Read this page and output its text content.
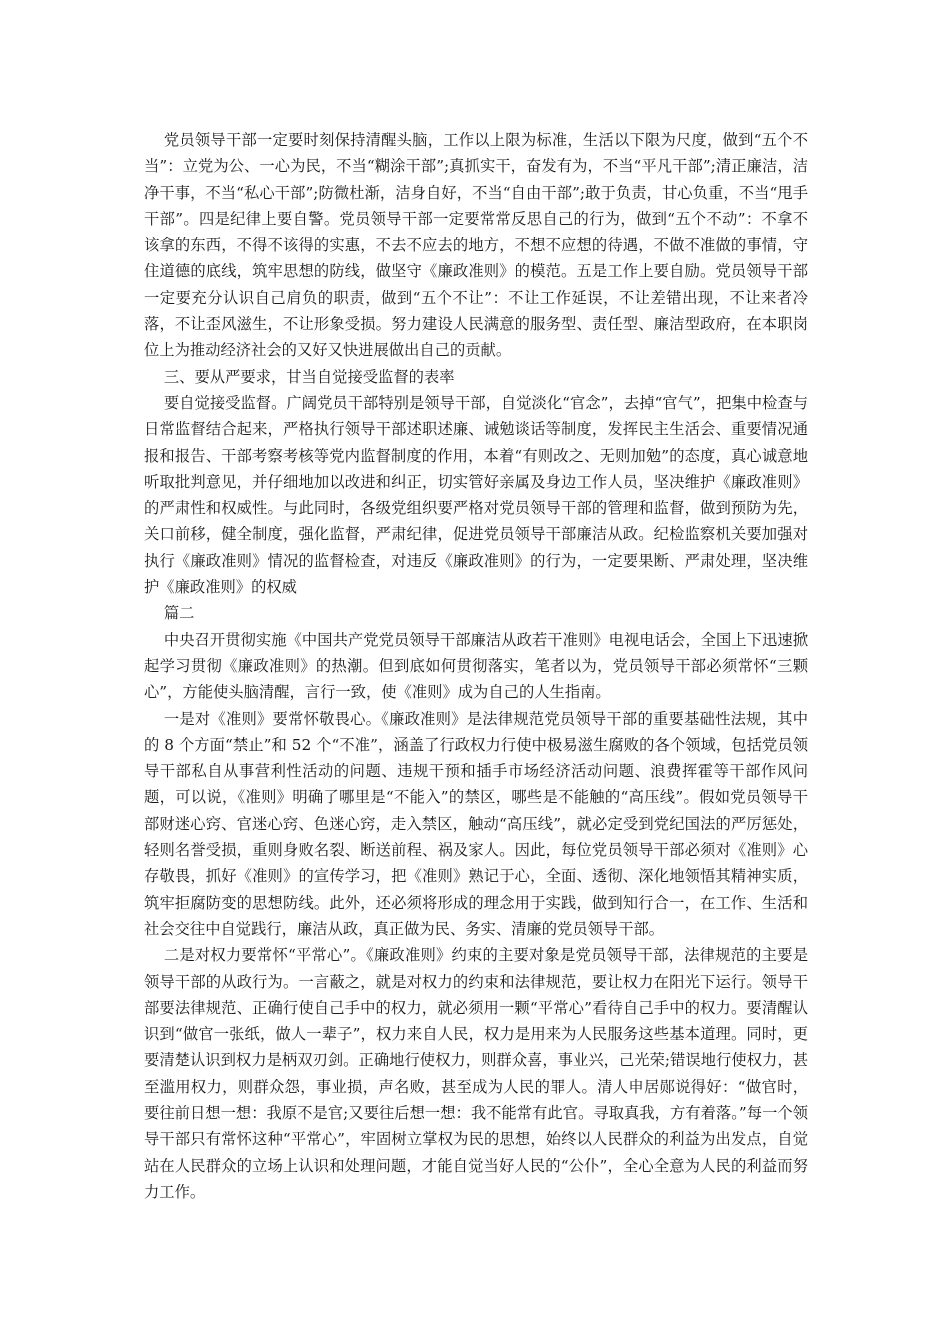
党员领导干部一定要时刻保持清醒头脑，工作以上限为标准，生活以下限为尺度，做到“五个不当”：立党为公、一心为民，不当“糊涂干部”;真抓实干，奋发有为，不当“平凡干部”;清正廉洁，洁净干事，不当“私心干部”;防微杜渐，洁身自好，不当“自由干部”;敢于负责，甘心负重，不当“甩手干部”。四是纪律上要自警。党员领导干部一定要常常反思自己的行为，做到“五个不动”：不拿不该拿的东西，不得不该得的实惠，不去不应去的地方，不想不应想的待遇，不做不准做的事情，守住道德的底线，筑牢思想的防线，做坚守《廉政准则》的模范。五是工作上要自励。党员领导干部一定要充分认识自己肩负的职责，做到“五个不让”：不让工作延误，不让差错出现，不让来者冷落，不让歪风滋生，不让形象受损。努力建设人民满意的服务型、责任型、廉洁型政府，在本职岗位上为推动经济社会的又好又快进展做出自己的贡献。

三、要从严要求，甘当自觉接受监督的表率

要自觉接受监督。广阔党员干部特别是领导干部，自觉淡化“官念”，去掉“官气”，把集中检查与日常监督结合起来，严格执行领导干部述职述廉、诫勉谈话等制度，发挥民主生活会、重要情况通报和报告、干部考察考核等党内监督制度的作用，本着“有则改之、无则加勉”的态度，真心诚意地听取批判意见，并仔细地加以改进和纠正，切实管好亲属及身边工作人员，坚决维护《廉政准则》的严肃性和权威性。与此同时，各级党组织要严格对党员领导干部的管理和监督，做到预防为先，关口前移，健全制度，强化监督，严肃纪律，促进党员领导干部廉洁从政。纪检监察机关要加强对执行《廉政准则》情况的监督检查，对违反《廉政准则》的行为，一定要果断、严肃处理，坚决维护《廉政准则》的权威

篇二

中央召开贯彻实施《中国共产党党员领导干部廉洁从政若干准则》电视电话会，全国上下迅速掀起学习贯彻《廉政准则》的热潮。但到底如何贯彻落实，笔者以为，党员领导干部必须常怀“三颗心”，方能使头脑清醒，言行一致，使《准则》成为自己的人生指南。

一是对《准则》要常怀敬畏心。《廉政准则》是法律规范党员领导干部的重要基础性法规，其中的 8 个方面“禁止”和 52 个“不准”，涵盖了行政权力行使中极易滋生腐败的各个领域，包括党员领导干部私自从事营利性活动的问题、违规干预和插手市场经济活动问题、浪费挥霍等干部作风问题，可以说，《准则》明确了哪里是“不能入”的禁区，哪些是不能触的“高压线”。假如党员领导干部财迷心窍、官迷心窍、色迷心窍，走入禁区，触动“高压线”，就必定受到党纪国法的严厉惩处，轻则名誉受损，重则身败名裂、断送前程、祸及家人。因此，每位党员领导干部必须对《准则》心存敬畏，抓好《准则》的宣传学习，把《准则》熟记于心，全面、透彻、深化地领悟其精神实质，筑牢拒腐防变的思想防线。此外，还必须将形成的理念用于实践，做到知行合一，在工作、生活和社会交往中自觉践行，廉洁从政，真正做为民、务实、清廉的党员领导干部。

二是对权力要常怀“平常心”。《廉政准则》约束的主要对象是党员领导干部，法律规范的主要是领导干部的从政行为。一言蔽之，就是对权力的约束和法律规范，要让权力在阳光下运行。领导干部要法律规范、正确行使自己手中的权力，就必须用一颗“平常心”看待自己手中的权力。要清醒认识到“做官一张纸，做人一辈子”，权力来自人民，权力是用来为人民服务这些基本道理。同时，更要清楚认识到权力是柄双刃剑。正确地行使权力，则群众喜，事业兴，己光荣;错误地行使权力，甚至滥用权力，则群众怨，事业损，声名败，甚至成为人民的罪人。清人申居郧说得好：“做官时，要往前日想一想：我原不是官;又要往后想一想：我不能常有此官。寻取真我，方有着落。”每一个领导干部只有常怀这种“平常心”，牢固树立掌权为民的思想，始终以人民群众的利益为出发点，自觉站在人民群众的立场上认识和处理问题，才能自觉当好人民的“公仆”，全心全意为人民的利益而努力工作。
